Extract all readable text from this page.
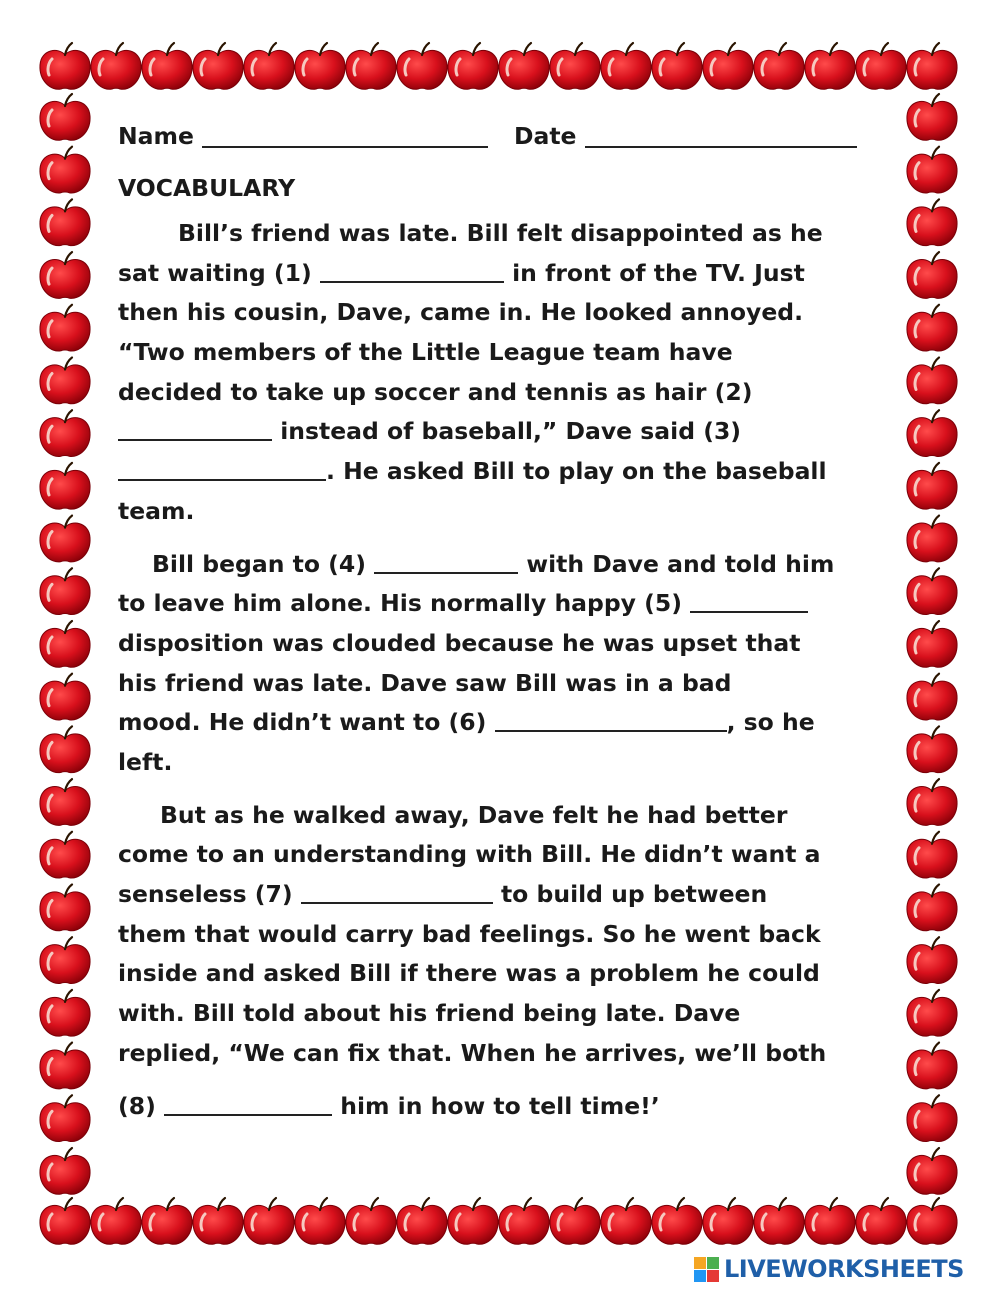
Name	Date
VOCABULARY
Bill’s friend was late. Bill felt disappointed as he
sat waiting (1)	in front of the TV. Just
then his cousin, Dave, came in. He looked annoyed.
“Two members of the Little League team have
decided to take up soccer and tennis as hair (2)
instead of baseball,” Dave said (3)
. He asked Bill to play on the baseball
team.
Bill began to (4)	with Dave and told him
to leave him alone. His normally happy (5)
disposition was clouded because he was upset that
his friend was late. Dave saw Bill was in a bad
mood. He didn’t want to (6)	, so he
left.
But as he walked away, Dave felt he had better
come to an understanding with Bill. He didn’t want a
senseless (7)	to build up between
them that would carry bad feelings. So he went back
inside and asked Bill if there was a problem he could
with. Bill told about his friend being late. Dave
replied, “We can fix that. When he arrives, we’ll both
(8)	him in how to tell time!’
LIVEWORKSHEETS
